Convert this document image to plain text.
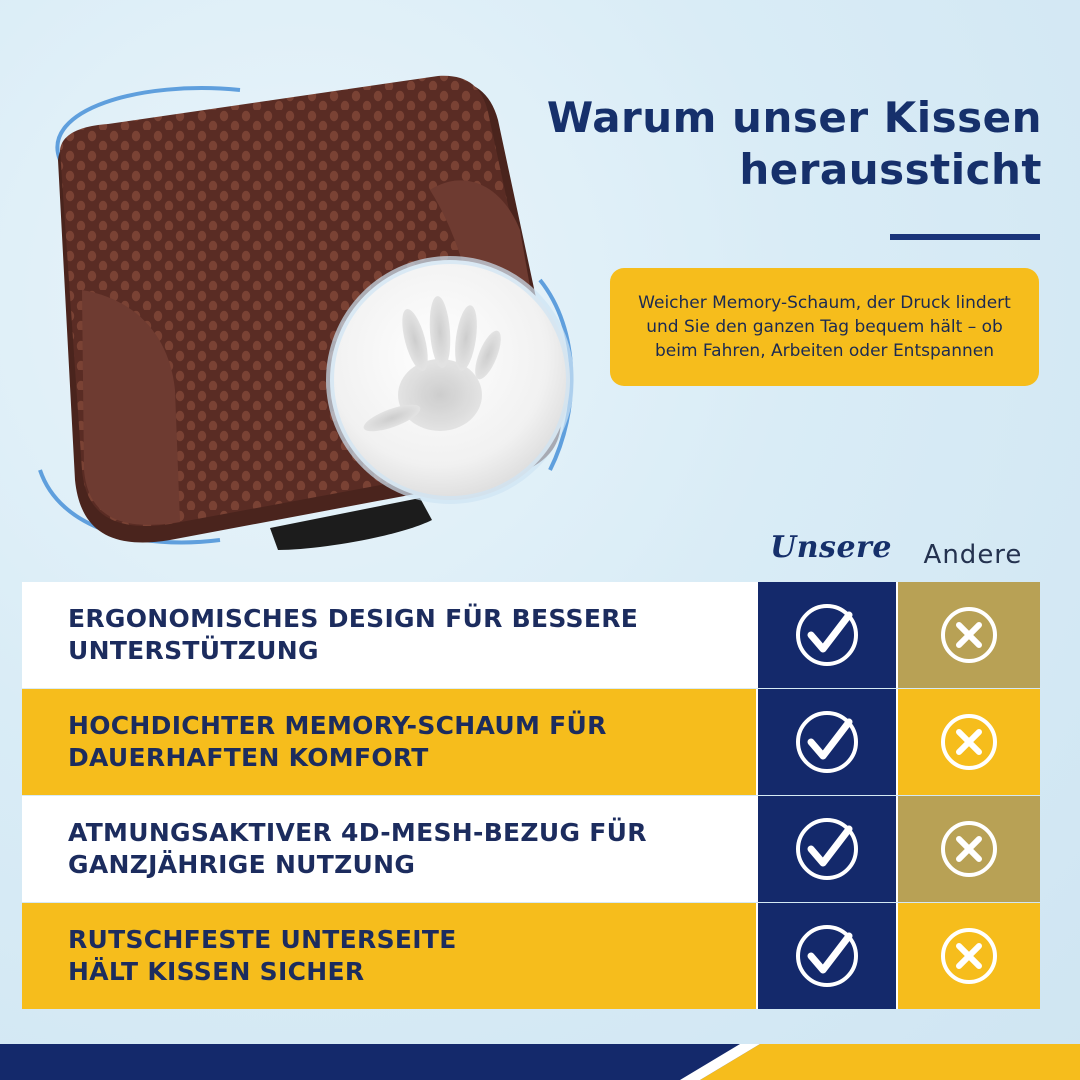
Warum unser Kissen
heraussticht
Weicher Memory-Schaum, der Druck lindert und Sie den ganzen Tag bequem hält – ob beim Fahren, Arbeiten oder Entspannen
Unsere	Andere
ERGONOMISCHES DESIGN FÜR BESSERE
UNTERSTÜTZUNG
HOCHDICHTER MEMORY-SCHAUM FÜR
DAUERHAFTEN KOMFORT
ATMUNGSAKTIVER 4D-MESH-BEZUG FÜR
GANZJÄHRIGE NUTZUNG
RUTSCHFESTE UNTERSEITE
HÄLT KISSEN SICHER
